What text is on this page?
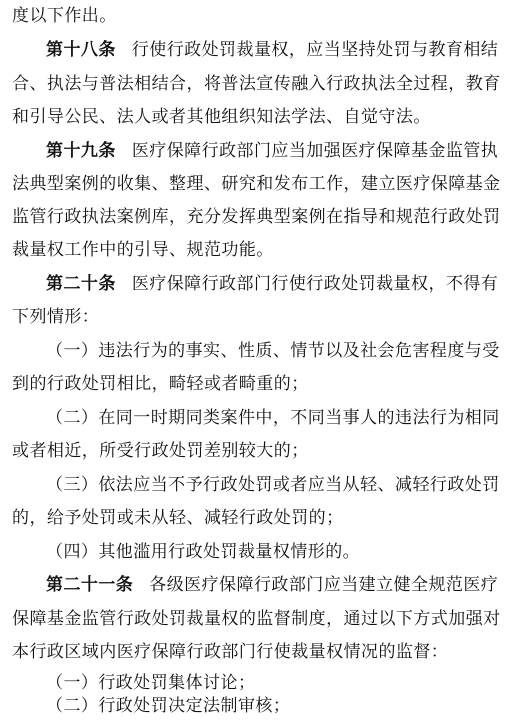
度以下作出。
第十八条 行使行政处罚裁量权，应当坚持处罚与教育相结
合、执法与普法相结合，将普法宣传融入行政执法全过程，教育
和引导公民、法人或者其他组织知法学法、自觉守法。
第十九条 医疗保障行政部门应当加强医疗保障基金监管执
法典型案例的收集、整理、研究和发布工作，建立医疗保障基金
监管行政执法案例库，充分发挥典型案例在指导和规范行政处罚
裁量权工作中的引导、规范功能。
第二十条 医疗保障行政部门行使行政处罚裁量权，不得有
下列情形：
（一）违法行为的事实、性质、情节以及社会危害程度与受
到的行政处罚相比，畸轻或者畸重的；
（二）在同一时期同类案件中，不同当事人的违法行为相同
或者相近，所受行政处罚差别较大的；
（三）依法应当不予行政处罚或者应当从轻、减轻行政处罚
的，给予处罚或未从轻、减轻行政处罚的；
（四）其他滥用行政处罚裁量权情形的。
第二十一条 各级医疗保障行政部门应当建立健全规范医疗
保障基金监管行政处罚裁量权的监督制度，通过以下方式加强对
本行政区域内医疗保障行政部门行使裁量权情况的监督：
（一）行政处罚集体讨论；
（二）行政处罚决定法制审核；
